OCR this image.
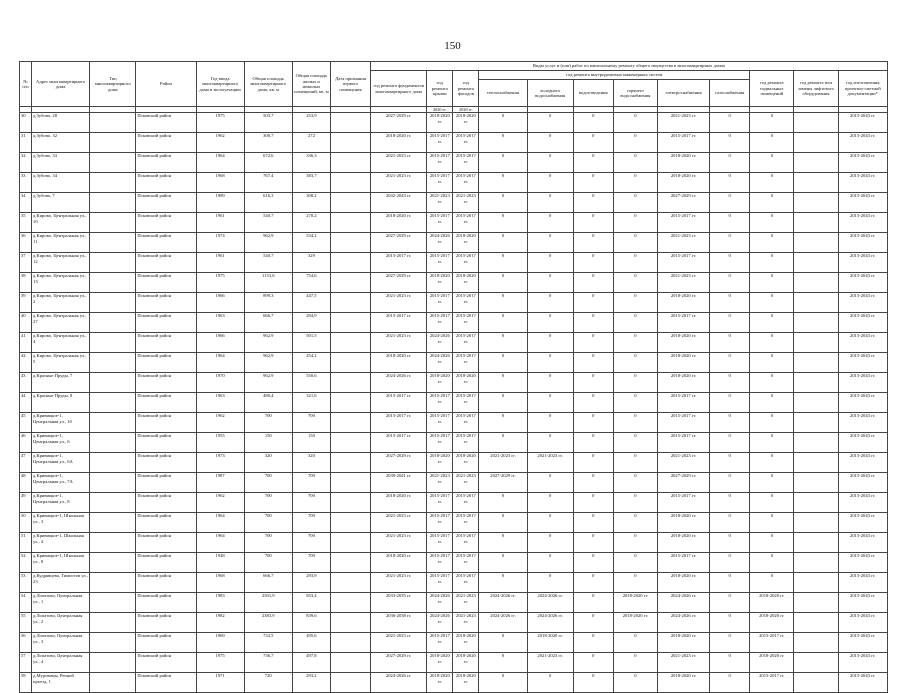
150
№ п/п	Адрес многоквартирного дома	Тип многоквартирного дома	Район	Год ввода многоквартирного дома в эксплуатацию	Общая площадь многоквартирного дома, кв. м	Общая площадь жилых и нежилых помещений, кв. м	Дата признания первого помещения	Виды услуг и (или) работ по капитальному ремонту общего имущества в многоквартирных домах											
								год ремонта фундаментов многоквартирного дома	год ремонта крыши	год ремонта фасадов	год ремонта внутридомовых инженерных систем						год ремонта подвальных помещений	год ремонта или замены лифтового оборудования	год изготовления проектно-сметной документации*
											теплоснабжения	холодного водоснабжения	водоотведения	горячего водоснабжения	электроснабжения	газоснабжения			
									2020 гг.	2020 гг.									
30	д.Зубово, 28		Псковский район	1975	503,7	253,9		2027-2029 гг.	2018-2020 гг.	2018-2020 гг.	0	0	0	0	2021-2023 гг.	0	0		2015-2043 гг.
31	д.Зубово, 32		Псковский район	1962	300,7	272		2018-2020 гг.	2015-2017 гг.	2015-2017 гг.	0	0	0	0	2015-2017 гг.	0	0		2015-2043 гг.
32	д.Зубово, 33		Псковский район	1964	672,6	336,3		2021-2023 гг.	2015-2017 гг.	2015-2017 гг.	0	0	0	0	2018-2020 гг.	0	0		2015-2043 гг.
33	д.Зубово, 34		Псковский район	1968	767,4	383,7		2021-2023 гг.	2015-2017 гг.	2015-2017 гг.	0	0	0	0	2018-2020 гг.	0	0		2015-2043 гг.
34	д.Зубово, 7		Псковский район	1989	616,3	308,2		2042-2043 гг.	2021-2023 гг.	2021-2023 гг.	0	0	0	0	2027-2029 гг.	0	0		2015-2043 гг.
35	д.Кирово, Центральная ул., 10		Псковский район	1961	540,7	270,2		2018-2020 гг.	2015-2017 гг.	2015-2017 гг.	0	0	0	0	2015-2017 гг.	0	0		2015-2043 гг.
36	д.Кирово, Центральная ул., 11		Псковский район	1974	962,9	534,2		2027-2029 гг.	2024-2026 гг.	2018-2020 гг.	0	0	0	0	2021-2023 гг.	0	0		2015-2043 гг.
37	д.Кирово, Центральная ул., 12		Псковский район	1961	540,7	329		2015-2017 гг.	2015-2017 гг.	2015-2017 гг.	0	0	0	0	2015-2017 гг.	0	0		2015-2043 гг.
38	д.Кирово, Центральная ул., 13		Псковский район	1975	1153,6	754,6		2027-2029 гг.	2018-2020 гг.	2018-2020 гг.	0	0	0	0	2021-2023 гг.	0	0		2015-2043 гг.
39	д.Кирово, Центральная ул., 2		Псковский район	1966	899,3	447,5		2021-2023 гг.	2015-2017 гг.	2015-2017 гг.	0	0	0	0	2018-2020 гг.	0	0		2015-2043 гг.
40	д.Кирово, Центральная ул., 27		Псковский район	1963	666,7	294,9		2015-2017 гг.	2015-2017 гг.	2015-2017 гг.	0	0	0	0	2015-2017 гг.	0	0		2015-2043 гг.
41	д.Кирово, Центральная ул., 4		Псковский район	1966	962,9	501,5		2021-2023 гг.	2024-2026 гг.	2015-2017 гг.	0	0	0	0	2018-2020 гг.	0	0		2015-2043 гг.
42	д.Кирово, Центральная ул., 5		Псковский район	1964	962,9	454,2		2018-2020 гг.	2024-2026 гг.	2015-2017 гг.	0	0	0	0	2018-2020 гг.	0	0		2015-2043 гг.
43	д.Красные Пруды, 7		Псковский район	1970	962,9	550,6		2024-2026 гг.	2018-2020 гг.	2018-2020 гг.	0	0	0	0	2018-2020 гг.	0	0		2015-2043 гг.
44	д.Красные Пруды, 8		Псковский район	1963	480,4	321,6		2015-2017 гг.	2015-2017 гг.	2015-2017 гг.	0	0	0	0	2015-2017 гг.	0	0		2015-2043 гг.
45	д.Кривицкое-1, Центральная ул., 10		Псковский район	1962	700	700		2015-2017 гг.	2015-2017 гг.	2015-2017 гг.	0	0	0	0	2015-2017 гг.	0	0		2015-2043 гг.
46	д.Кривицкое-1, Центральная ул., 6		Псковский район	1955	150	150		2015-2017 гг.	2015-2017 гг.	2015-2017 гг.	0	0	0	0	2015-2017 гг.	0	0		2015-2043 гг.
47	д.Кривицкое-1, Центральная ул., 6А		Псковский район	1973	320	320		2027-2029 гг.	2018-2020 гг.	2018-2020 гг.	2021-2023 гг.	2021-2023 гг.	0	0	2021-2023 гг.	0	0		2015-2043 гг.
48	д.Кривицкое-1, Центральная ул., 7А		Псковский район	1987	700	700		2039-2041 гг.	2021-2023 гг.	2021-2023 гг.	2027-2029 гг.	0	0	0	2027-2029 гг.	0	0		2015-2043 гг.
49	д.Кривицкое-1, Центральная ул., 8		Псковский район	1962	700	700		2018-2020 гг.	2015-2017 гг.	2015-2017 гг.	0	0	0	0	2015-2017 гг.	0	0		2015-2043 гг.
50	д.Кривицкое-1, Школьная ул., 3		Псковский район	1964	700	700		2021-2023 гг.	2015-2017 гг.	2015-2017 гг.	0	0	0	0	2018-2020 гг.	0	0		2015-2043 гг.
51	д.Кривицкое-1, Школьная ул., 4		Псковский район	1964	700	700		2021-2023 гг.	2015-2017 гг.	2015-2017 гг.	0	0	0	0	2018-2020 гг.	0	0		2015-2043 гг.
52	д.Кривицкое-1, Школьная ул., 8		Псковский район	1948	700	700		2018-2020 гг.	2015-2017 гг.	2015-2017 гг.	0	0	0	0	2015-2017 гг.	0	0		2015-2043 гг.
53	д.Кудрявцева, Тимистов ул., 23		Псковский район	1968	666,7	293,9		2021-2023 гг.	2015-2017 гг.	2015-2017 гг.	0	0	0	0	2018-2020 гг.	0	0		2015-2043 гг.
54	д.Лопатово, Центральная ул., 1		Псковский район	1983	2501,9	853,4		2033-2035 гг.	2024-2026 гг.	2021-2023 гг.	2024-2026 гг.	2024-2026 гг.	0	2018-2020 гг.	2024-2026 гг.	0	2018-2020 гг.		2015-2043 гг.
55	д.Лопатово, Центральная ул., 2		Псковский район	1982	2383,9	839,6		2036-2038 гг.	2024-2026 гг.	2021-2023 гг.	2024-2026 гг.	2024-2026 гг.	0	2018-2020 гг.	2024-2026 гг.	0	2018-2020 гг.		2015-2043 гг.
56	д.Лопатово, Центральная ул., 3		Псковский район	1969	733,5	495,6		2021-2023 гг.	2015-2017 гг.	2018-2020 гг.	0	2018-2020 гг.	0	0	2018-2020 гг.	0	2015-2017 гг.		2015-2043 гг.
57	д.Лопатово, Центральная ул., 4		Псковский район	1975	736,7	497,8		2027-2029 гг.	2018-2020 гг.	2018-2020 гг.	0	2021-2023 гг.	0	0	2021-2023 гг.	0	2018-2020 гг.		2015-2043 гг.
58	д.Муровицы, Речной проезд, 1		Псковский район	1971	720	293,2		2024-2026 гг.	2018-2020 гг.	2018-2020 гг.	0	0	0	0	2018-2020 гг.	0	2015-2017 гг.		2015-2043 гг.
